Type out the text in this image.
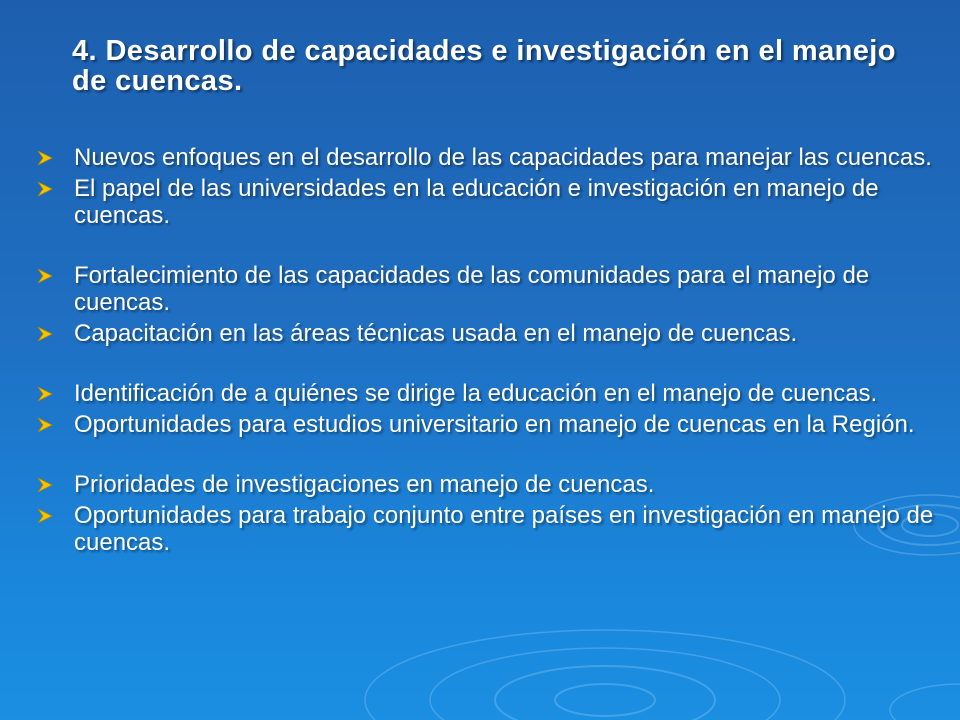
4. Desarrollo de capacidades e investigación en el manejo de cuencas.
Nuevos enfoques en el desarrollo de las capacidades para manejar las cuencas.
El papel de las universidades en la educación e investigación en manejo de cuencas.
Fortalecimiento de las capacidades de las comunidades para el manejo de cuencas.
Capacitación en las áreas técnicas usada en el manejo de cuencas.
Identificación de a quiénes se dirige la educación en el manejo de cuencas.
Oportunidades para estudios universitario en manejo de cuencas en la Región.
Prioridades de investigaciones en manejo de cuencas.
Oportunidades para trabajo conjunto entre países en investigación en manejo de cuencas.
